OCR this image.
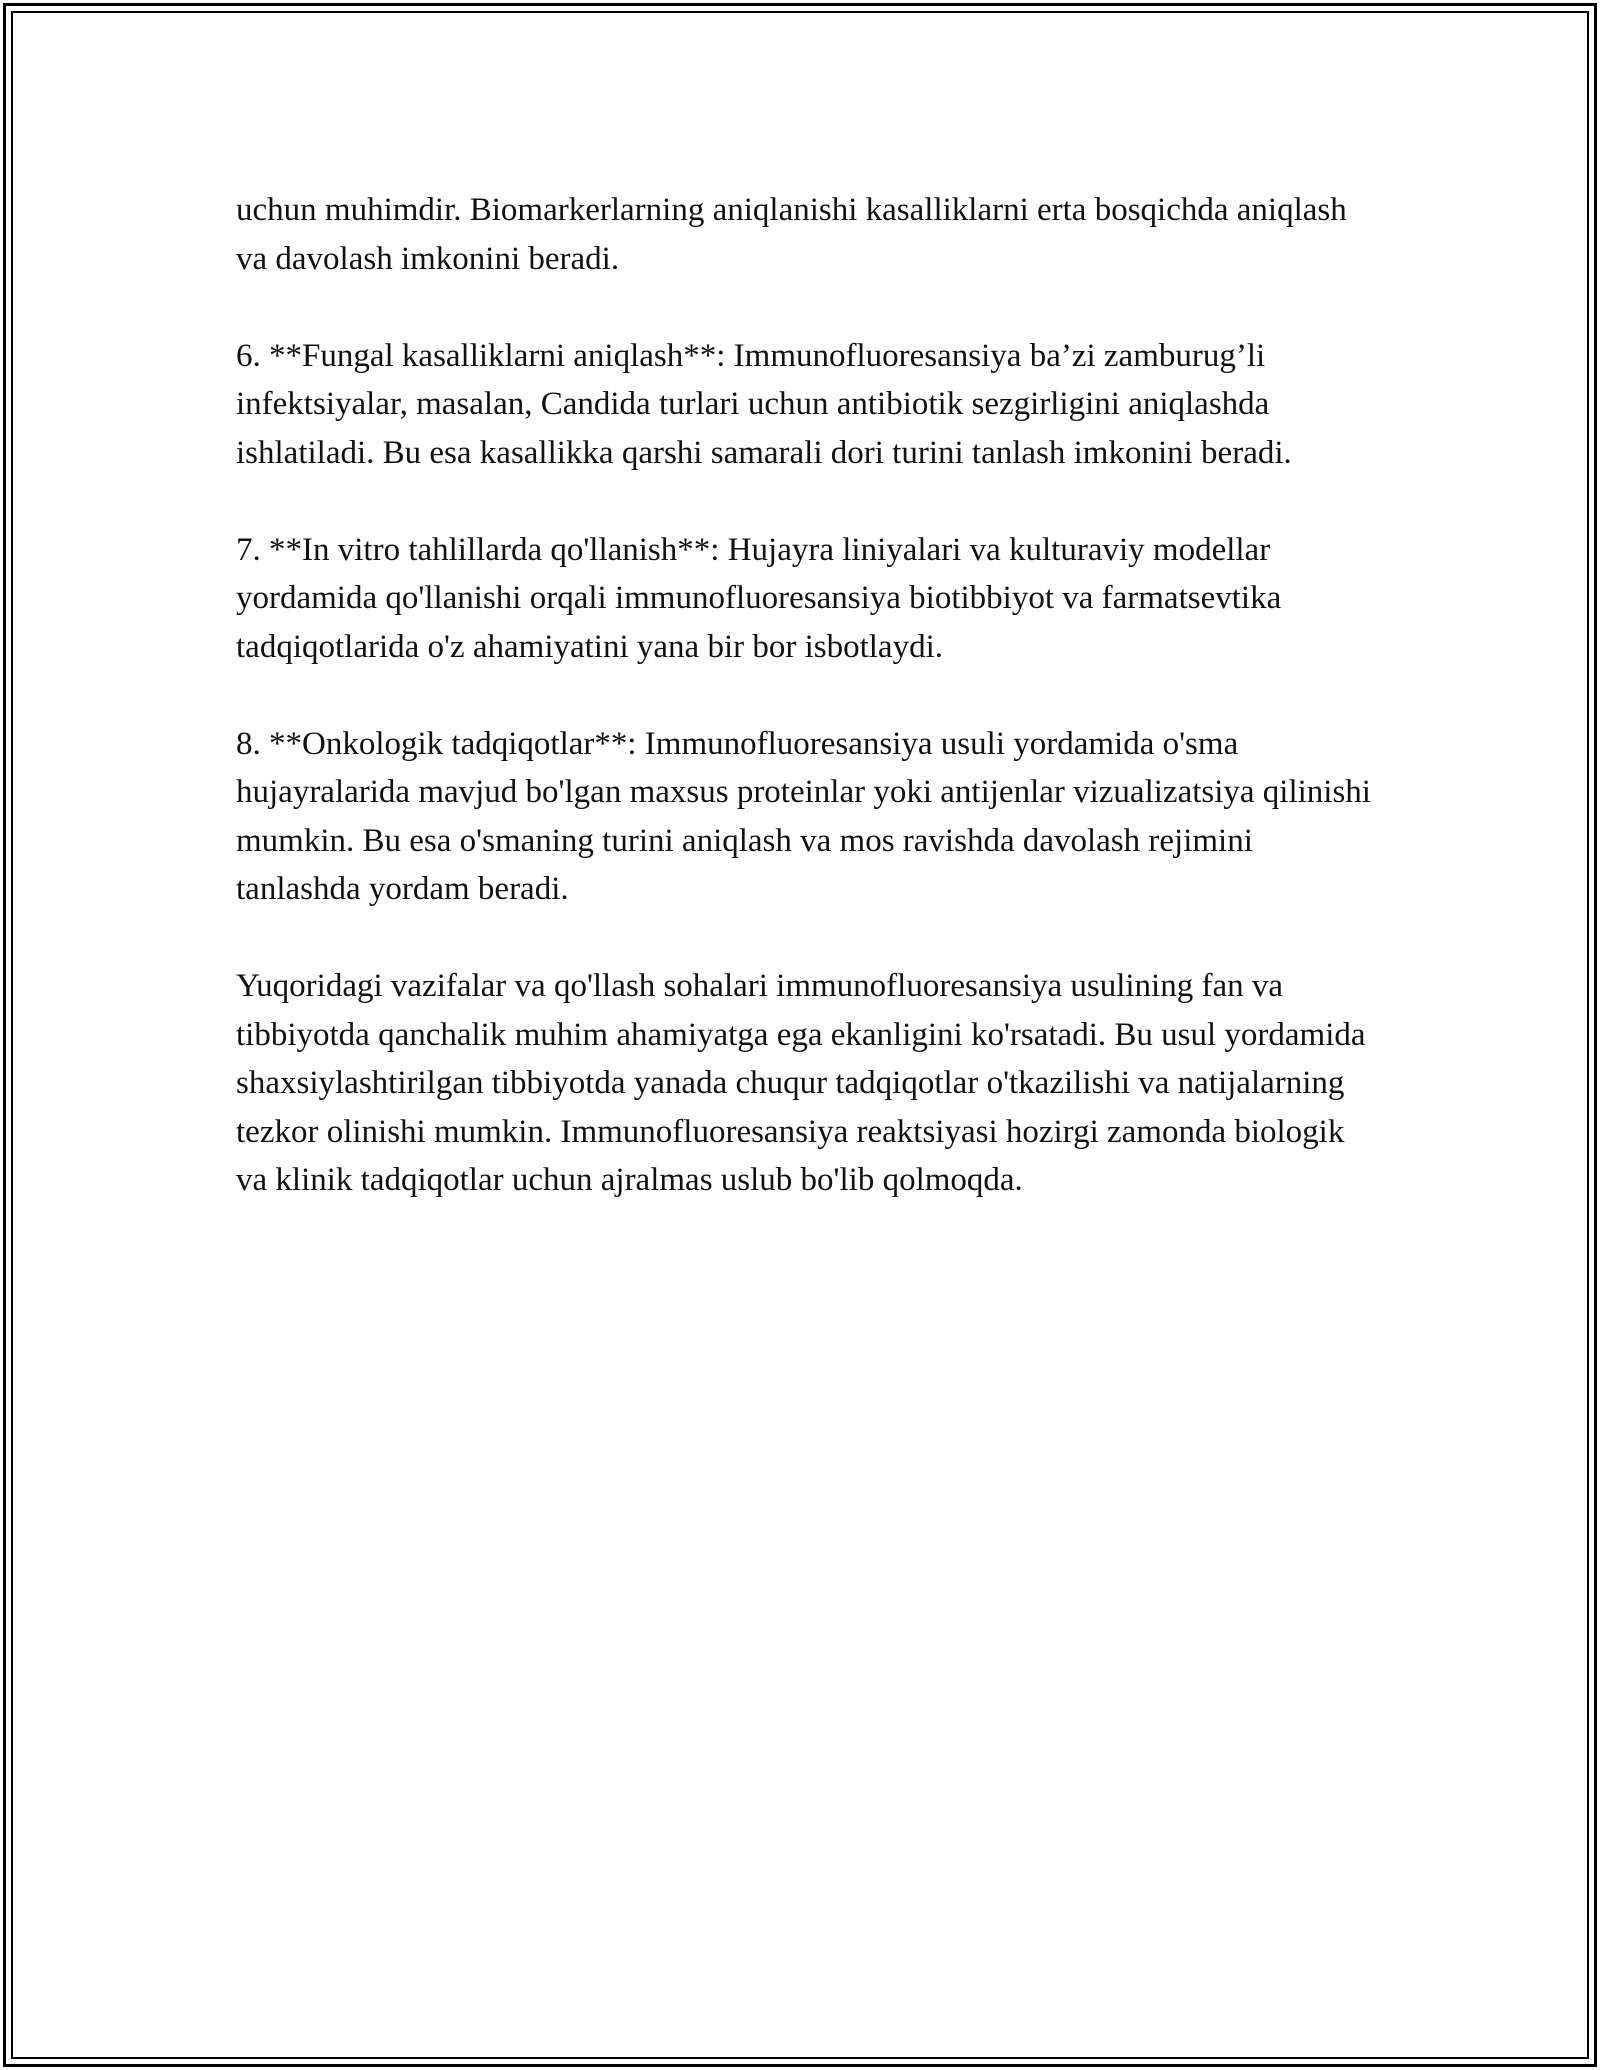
uchun muhimdir. Biomarkerlarning aniqlanishi kasalliklarni erta bosqichda aniqlash va davolash imkonini beradi.

6. **Fungal kasalliklarni aniqlash**: Immunofluoresansiya ba’zi zamburug’li infektsiyalar, masalan, Candida turlari uchun antibiotik sezgirligini aniqlashda ishlatiladi. Bu esa kasallikka qarshi samarali dori turini tanlash imkonini beradi.

7. **In vitro tahlillarda qo'llanish**: Hujayra liniyalari va kulturaviy modellar yordamida qo'llanishi orqali immunofluoresansiya biotibbiyot va farmatsevtika tadqiqotlarida o'z ahamiyatini yana bir bor isbotlaydi.

8. **Onkologik tadqiqotlar**: Immunofluoresansiya usuli yordamida o'sma hujayralarida mavjud bo'lgan maxsus proteinlar yoki antijenlar vizualizatsiya qilinishi mumkin. Bu esa o'smaning turini aniqlash va mos ravishda davolash rejimini tanlashda yordam beradi.

Yuqoridagi vazifalar va qo'llash sohalari immunofluoresansiya usulining fan va tibbiyotda qanchalik muhim ahamiyatga ega ekanligini ko'rsatadi. Bu usul yordamida shaxsiylashtirilgan tibbiyotda yanada chuqur tadqiqotlar o'tkazilishi va natijalarning tezkor olinishi mumkin. Immunofluoresansiya reaktsiyasi hozirgi zamonda biologik va klinik tadqiqotlar uchun ajralmas uslub bo'lib qolmoqda.
